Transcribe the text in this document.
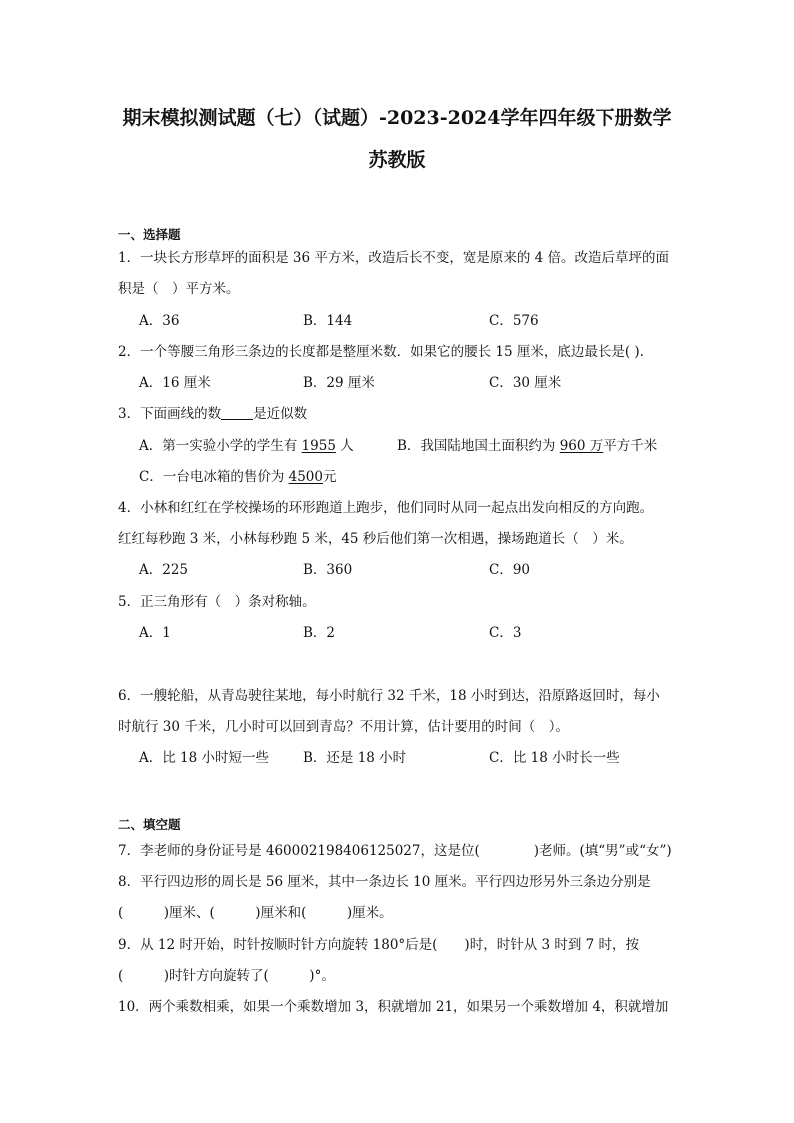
期末模拟测试题（七）（试题）-2023-2024学年四年级下册数学
苏教版
一、选择题
1．一块长方形草坪的面积是 36 平方米，改造后长不变，宽是原来的 4 倍。改造后草坪的面
积是（　）平方米。
A．36	B．144	C．576
2．一个等腰三角形三条边的长度都是整厘米数．如果它的腰长 15 厘米，底边最长是( ).
A．16 厘米	B．29 厘米	C．30 厘米
3．下面画线的数 是近似数
A．第一实验小学的学生有 1955 人	B．我国陆地国土面积约为 960 万平方千米
C．一台电冰箱的售价为 4500元
4．小林和红红在学校操场的环形跑道上跑步，他们同时从同一起点出发向相反的方向跑。
红红每秒跑 3 米，小林每秒跑 5 米，45 秒后他们第一次相遇，操场跑道长（　）米。
A．225	B．360	C．90
5．正三角形有（　）条对称轴。
A．1	B．2	C．3
6．一艘轮船，从青岛驶往某地，每小时航行 32 千米，18 小时到达，沿原路返回时，每小
时航行 30 千米，几小时可以回到青岛？不用计算，估计要用的时间（　）。
A．比 18 小时短一些	B．还是 18 小时	C．比 18 小时长一些
二、填空题
7．李老师的身份证号是 460002198406125027，这是位(　　　　)老师。(填“男”或“女”)
8．平行四边形的周长是 56 厘米，其中一条边长 10 厘米。平行四边形另外三条边分别是
(　　　)厘米、(　　　)厘米和(　　　)厘米。
9．从 12 时开始，时针按顺时针方向旋转 180°后是(　　)时，时针从 3 时到 7 时，按
(　　　)时针方向旋转了(　　　)°。
10．两个乘数相乘，如果一个乘数增加 3，积就增加 21，如果另一个乘数增加 4，积就增加
